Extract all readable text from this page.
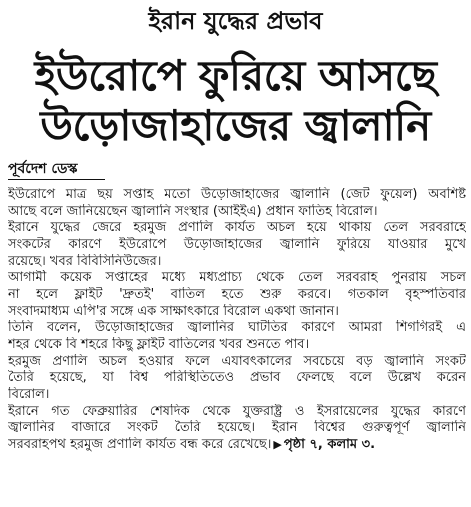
ইরান যুদ্ধের প্রভাব
ইউরোপে ফুরিয়ে আসছে
উড়োজাহাজের জ্বালানি
পূর্বদেশ ডেস্ক
ইউরোপে মাত্র ছয় সপ্তাহ মতো উড়োজাহাজের জ্বালানি (জেট ফুয়েল) অবশিষ্ট
আছে বলে জানিয়েছেন জ্বালানি সংস্থার (আইইএ) প্রধান ফাতিহ বিরোল।
ইরানে যুদ্ধের জেরে হরমুজ প্রণালি কার্যত অচল হয়ে থাকায় তেল সরবরাহে
সংকটের কারণে ইউরোপে উড়োজাহাজের জ্বালানি ফুরিয়ে যাওয়ার মুখে
রয়েছে। খবর বিবিসিনিউজের।
আগামী কয়েক সপ্তাহের মধ্যে মধ্যপ্রাচ্য থেকে তেল সরবরাহ পুনরায় সচল
না হলে ফ্লাইট 'দ্রুতই' বাতিল হতে শুরু করবে। গতকাল বৃহস্পতিবার
সংবাদমাধ্যম এপি'র সঙ্গে এক সাক্ষাৎকারে বিরোল একথা জানান।
তিনি বলেন, উড়োজাহাজের জ্বালানির ঘাটতির কারণে আমরা শিগগিরই এ
শহর থেকে বি শহরে কিছু ফ্লাইট বাতিলের খবর শুনতে পাব।
হরমুজ প্রণালি অচল হওয়ার ফলে এযাবৎকালের সবচেয়ে বড় জ্বালানি সংকট
তৈরি হয়েছে, যা বিশ্ব পরিস্থিতিতেও প্রভাব ফেলছে বলে উল্লেখ করেন
বিরোল।
ইরানে গত ফেব্রুয়ারির শেষদিক থেকে যুক্তরাষ্ট্র ও ইসরায়েলের যুদ্ধের কারণে
জ্বালানির বাজারে সংকট তৈরি হয়েছে। ইরান বিশ্বের গুরুত্বপূর্ণ জ্বালানি
সরবরাহপথ হরমুজ প্রণালি কার্যত বন্ধ করে রেখেছে। ▶ পৃষ্ঠা ৭, কলাম ৩.
